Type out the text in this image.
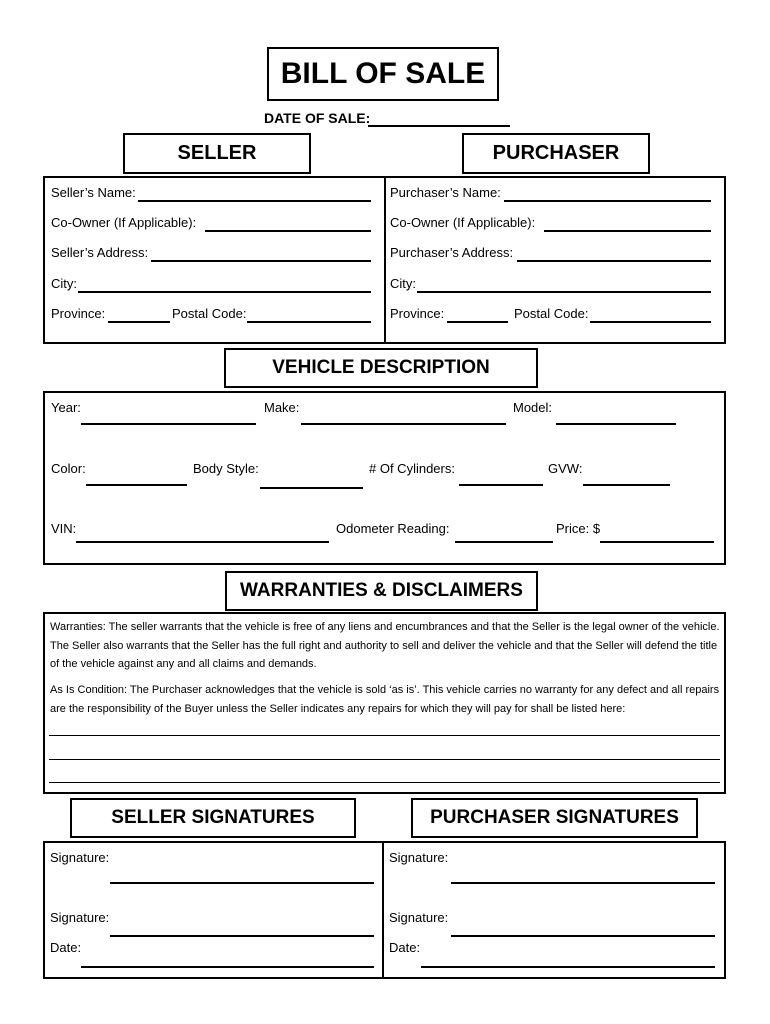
BILL OF SALE
DATE OF SALE:
SELLER	PURCHASER
Seller’s Name:
Co-Owner (If Applicable):
Seller’s Address:
City:
Province:	Postal Code:
Purchaser’s Name:
Co-Owner (If Applicable):
Purchaser’s Address:
City:
Province:	Postal Code:
VEHICLE DESCRIPTION
Year:	Make:	Model:
Color:	Body Style:	# Of Cylinders:	GVW:
VIN:	Odometer Reading:	Price: $
WARRANTIES & DISCLAIMERS
Warranties: The seller warrants that the vehicle is free of any liens and encumbrances and that the Seller is the legal owner of the vehicle. The Seller also warrants that the Seller has the full right and authority to sell and deliver the vehicle and that the Seller will defend the title of the vehicle against any and all claims and demands.
As Is Condition: The Purchaser acknowledges that the vehicle is sold ‘as is’. This vehicle carries no warranty for any defect and all repairs are the responsibility of the Buyer unless the Seller indicates any repairs for which they will pay for shall be listed here:
SELLER SIGNATURES	PURCHASER SIGNATURES
Signature:
Signature:
Date:
Signature:
Signature:
Date:
